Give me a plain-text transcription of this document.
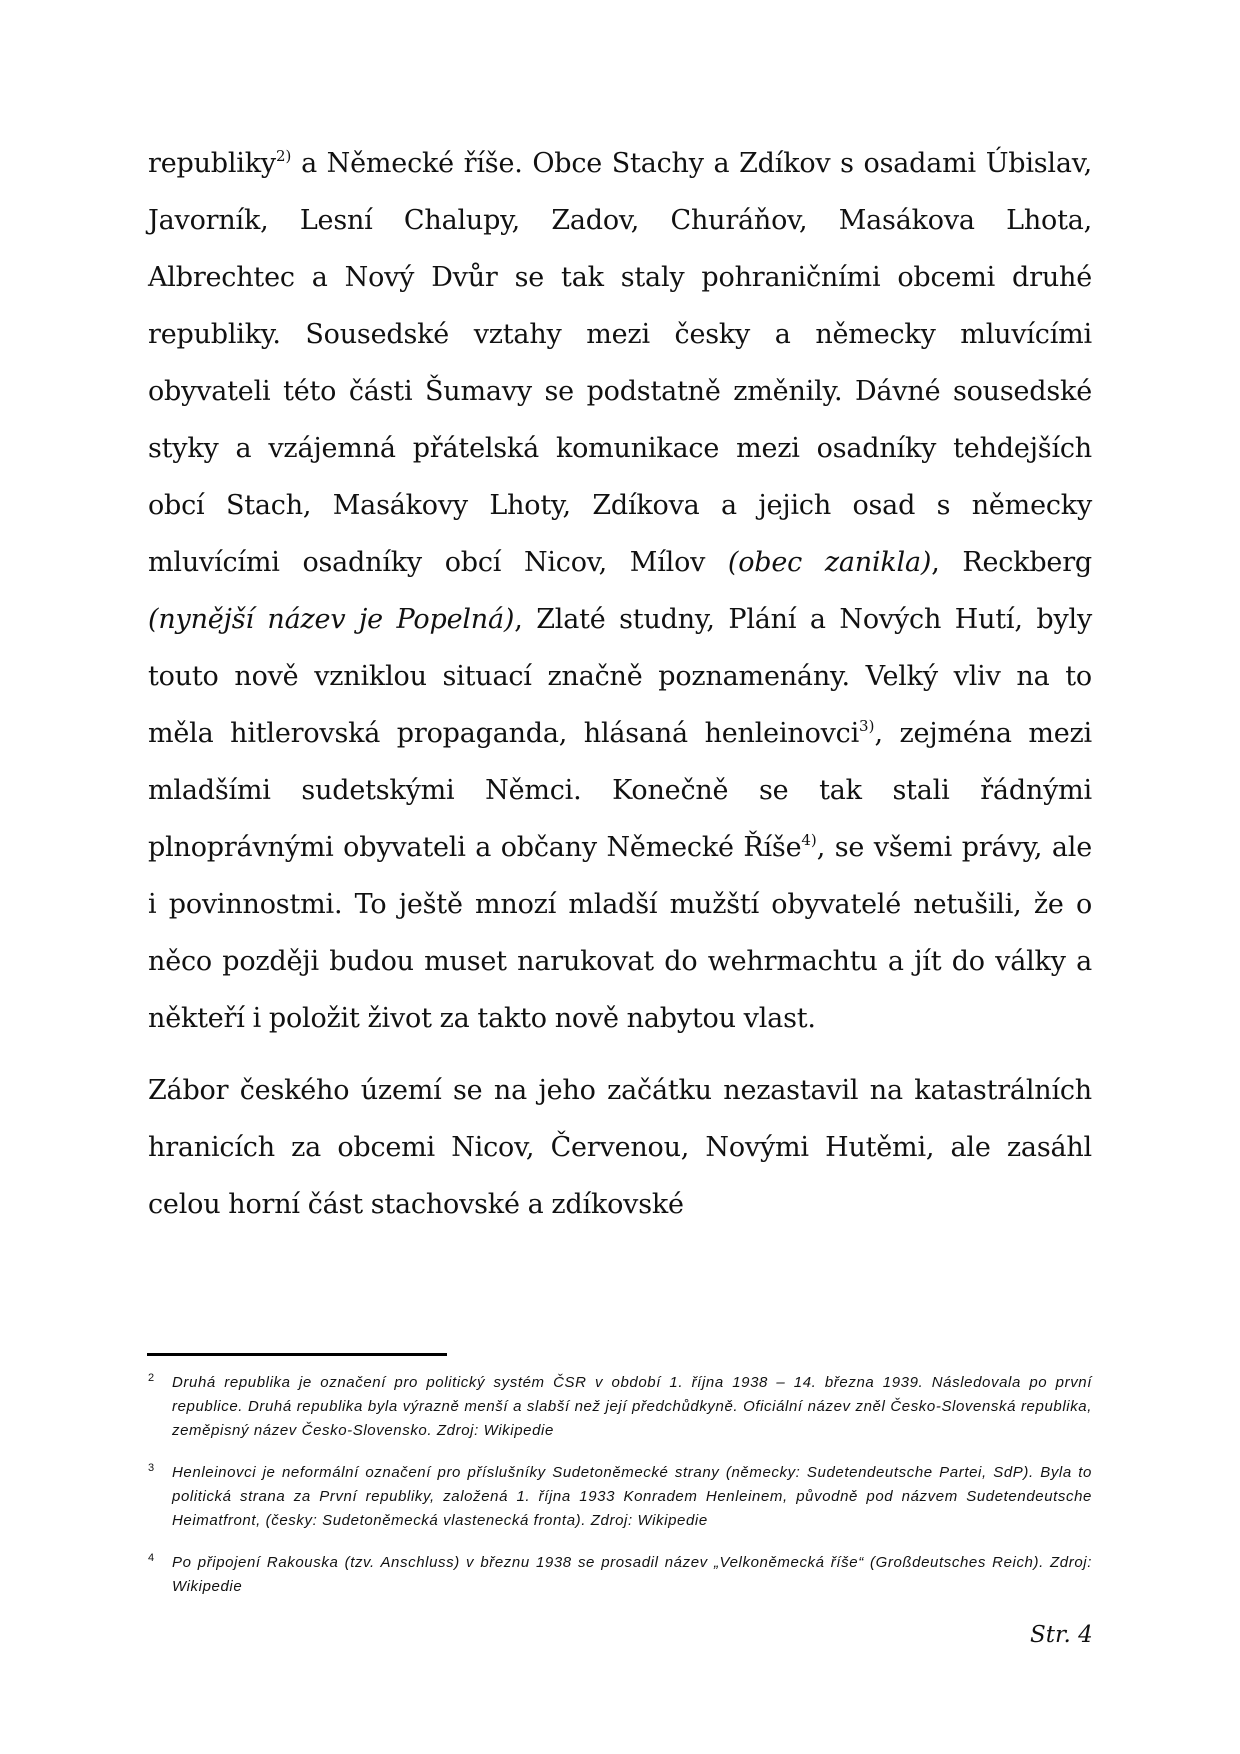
republiky$^{2)}$ a Německé říše. Obce Stachy a Zdíkov s osadami Úbislav, Javorník, Lesní Chalupy, Zadov, Churáňov, Masákova Lhota, Albrechtec a Nový Dvůr se tak staly pohraničními obcemi druhé republiky. Sousedské vztahy mezi česky a německy mluvícími obyvateli této části Šumavy se podstatně změnily. Dávné sousedské styky a vzájemná přátelská komunikace mezi osadníky tehdejších obcí Stach, Masákovy Lhoty, Zdíkova a jejich osad s německy mluvícími osadníky obcí Nicov, Mílov (obec zanikla), Reckberg (nynější název je Popelná), Zlaté studny, Plání a Nových Hutí, byly touto nově vzniklou situací značně poznamenány. Velký vliv na to měla hitlerovská propaganda, hlásaná henleinovci$^{3)}$, zejména mezi mladšími sudetskými Němci. Konečně se tak stali řádnými plnoprávnými obyvateli a občany Německé Říše$^{4)}$, se všemi právy, ale i povinnostmi. To ještě mnozí mladší mužští obyvatelé netušili, že o něco později budou muset narukovat do wehrmachtu a jít do války a někteří i položit život za takto nově nabytou vlast.

Zábor českého území se na jeho začátku nezastavil na katastrálních hranicích za obcemi Nicov, Červenou, Novými Hutěmi, ale zasáhl celou horní část stachovské a zdíkovské

2 Druhá republika je označení pro politický systém ČSR v období 1. října 1938 – 14. března 1939. Následovala po první republice. Druhá republika byla výrazně menší a slabší než její předchůdkyně. Oficiální název zněl Česko-Slovenská republika, zeměpisný název Česko-Slovensko. Zdroj: Wikipedie
3 Henleinovci je neformální označení pro příslušníky Sudetoněmecké strany (německy: Sudetendeutsche Partei, SdP). Byla to politická strana za První republiky, založená 1. října 1933 Konradem Henleinem, původně pod názvem Sudetendeutsche Heimatfront, (česky: Sudetoněmecká vlastenecká fronta). Zdroj: Wikipedie
4 Po připojení Rakouska (tzv. Anschluss) v březnu 1938 se prosadil název „Velkoněmecká říše“ (Großdeutsches Reich). Zdroj: Wikipedie
Str. 4
